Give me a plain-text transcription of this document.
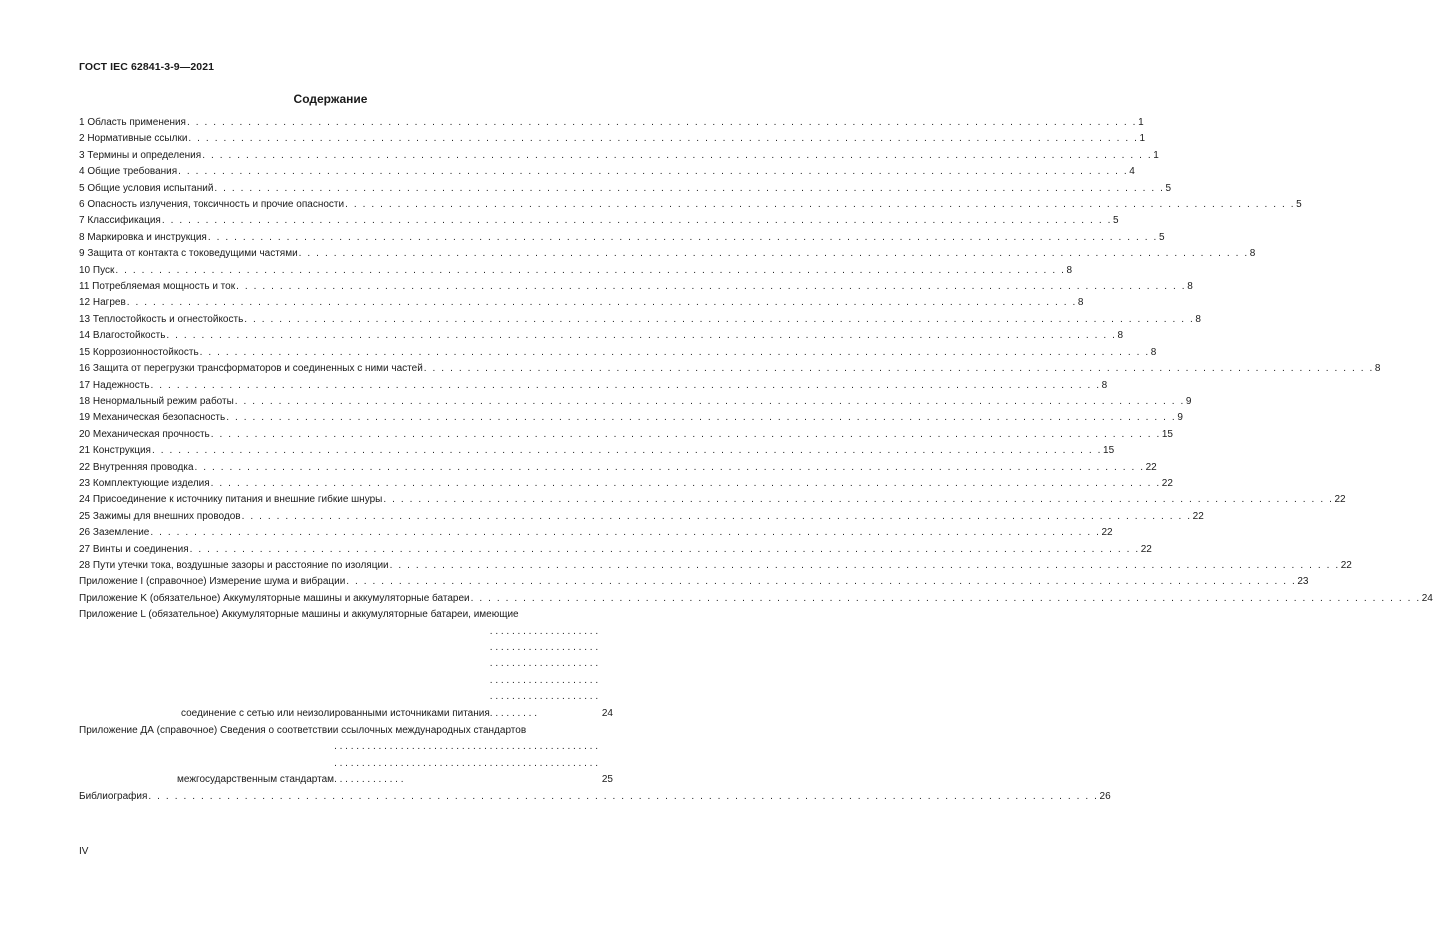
ГОСТ IEC 62841-3-9—2021
Содержание
1 Область применения . . . . . . . . . . . . . . . . . . . . . . . . . . . . . . . . . . . . . . . . . . . . . . . . . . . . . . . . . . . . . . . . . . . . . . . . . . . . . . . . . . . . . . . . . . . . . . . . . . . . . . . . . . . . . 1
2 Нормативные ссылки . . . . . . . . . . . . . . . . . . . . . . . . . . . . . . . . . . . . . . . . . . . . . . . . . . . . . . . . . . . . . . . . . . . . . . . . . . . . . . . . . . . . . . . . . . . . . . . . . . . . . . . . . . . . . 1
3 Термины и определения . . . . . . . . . . . . . . . . . . . . . . . . . . . . . . . . . . . . . . . . . . . . . . . . . . . . . . . . . . . . . . . . . . . . . . . . . . . . . . . . . . . . . . . . . . . . . . . . . . . . . . . . . . . . . 1
4 Общие требования . . . . . . . . . . . . . . . . . . . . . . . . . . . . . . . . . . . . . . . . . . . . . . . . . . . . . . . . . . . . . . . . . . . . . . . . . . . . . . . . . . . . . . . . . . . . . . . . . . . . . . . . . . . . . 4
5 Общие условия испытаний . . . . . . . . . . . . . . . . . . . . . . . . . . . . . . . . . . . . . . . . . . . . . . . . . . . . . . . . . . . . . . . . . . . . . . . . . . . . . . . . . . . . . . . . . . . . . . . . . . . . . . . . . . . . . 5
6 Опасность излучения, токсичность и прочие опасности . . . . . . . . . . . . . . . . . . . . . . . . . . . . . . . . . . . . . . . . . . . . . . . . . . . . . . . . . . . . . . . . . . . . . . . . . . . . . . . . . . . . . . . . . . . . . . . . . . . . . . . . . . . . . 5
7 Классификация . . . . . . . . . . . . . . . . . . . . . . . . . . . . . . . . . . . . . . . . . . . . . . . . . . . . . . . . . . . . . . . . . . . . . . . . . . . . . . . . . . . . . . . . . . . . . . . . . . . . . . . . . . . . . 5
8 Маркировка и инструкция . . . . . . . . . . . . . . . . . . . . . . . . . . . . . . . . . . . . . . . . . . . . . . . . . . . . . . . . . . . . . . . . . . . . . . . . . . . . . . . . . . . . . . . . . . . . . . . . . . . . . . . . . . . . . 5
9 Защита от контакта с токоведущими частями . . . . . . . . . . . . . . . . . . . . . . . . . . . . . . . . . . . . . . . . . . . . . . . . . . . . . . . . . . . . . . . . . . . . . . . . . . . . . . . . . . . . . . . . . . . . . . . . . . . . . . . . . . . . . 8
10 Пуск . . . . . . . . . . . . . . . . . . . . . . . . . . . . . . . . . . . . . . . . . . . . . . . . . . . . . . . . . . . . . . . . . . . . . . . . . . . . . . . . . . . . . . . . . . . . . . . . . . . . . . . . . . . . . 8
11 Потребляемая мощность и ток . . . . . . . . . . . . . . . . . . . . . . . . . . . . . . . . . . . . . . . . . . . . . . . . . . . . . . . . . . . . . . . . . . . . . . . . . . . . . . . . . . . . . . . . . . . . . . . . . . . . . . . . . . . . . 8
12 Нагрев . . . . . . . . . . . . . . . . . . . . . . . . . . . . . . . . . . . . . . . . . . . . . . . . . . . . . . . . . . . . . . . . . . . . . . . . . . . . . . . . . . . . . . . . . . . . . . . . . . . . . . . . . . . . . 8
13 Теплостойкость и огнестойкость . . . . . . . . . . . . . . . . . . . . . . . . . . . . . . . . . . . . . . . . . . . . . . . . . . . . . . . . . . . . . . . . . . . . . . . . . . . . . . . . . . . . . . . . . . . . . . . . . . . . . . . . . . . . . 8
14 Влагостойкость . . . . . . . . . . . . . . . . . . . . . . . . . . . . . . . . . . . . . . . . . . . . . . . . . . . . . . . . . . . . . . . . . . . . . . . . . . . . . . . . . . . . . . . . . . . . . . . . . . . . . . . . . . . . . 8
15 Коррозионностойкость . . . . . . . . . . . . . . . . . . . . . . . . . . . . . . . . . . . . . . . . . . . . . . . . . . . . . . . . . . . . . . . . . . . . . . . . . . . . . . . . . . . . . . . . . . . . . . . . . . . . . . . . . . . . . 8
16 Защита от перегрузки трансформаторов и соединенных с ними частей . . . . . . . . . . . . . . . . . . . . . . . . . . . . . . . . . . . . . . . . . . . . . . . . . . . . . . . . . . . . . . . . . . . . . . . . . . . . . . . . . . . . . . . . . . . . . . . . . . . . . . . . . . . . . 8
17 Надежность . . . . . . . . . . . . . . . . . . . . . . . . . . . . . . . . . . . . . . . . . . . . . . . . . . . . . . . . . . . . . . . . . . . . . . . . . . . . . . . . . . . . . . . . . . . . . . . . . . . . . . . . . . . . . 8
18 Ненормальный режим работы . . . . . . . . . . . . . . . . . . . . . . . . . . . . . . . . . . . . . . . . . . . . . . . . . . . . . . . . . . . . . . . . . . . . . . . . . . . . . . . . . . . . . . . . . . . . . . . . . . . . . . . . . . . . . 9
19 Механическая безопасность . . . . . . . . . . . . . . . . . . . . . . . . . . . . . . . . . . . . . . . . . . . . . . . . . . . . . . . . . . . . . . . . . . . . . . . . . . . . . . . . . . . . . . . . . . . . . . . . . . . . . . . . . . . . . 9
20 Механическая прочность . . . . . . . . . . . . . . . . . . . . . . . . . . . . . . . . . . . . . . . . . . . . . . . . . . . . . . . . . . . . . . . . . . . . . . . . . . . . . . . . . . . . . . . . . . . . . . . . . . . . . . . . . . . . . 15
21 Конструкция . . . . . . . . . . . . . . . . . . . . . . . . . . . . . . . . . . . . . . . . . . . . . . . . . . . . . . . . . . . . . . . . . . . . . . . . . . . . . . . . . . . . . . . . . . . . . . . . . . . . . . . . . . . . . 15
22 Внутренняя проводка . . . . . . . . . . . . . . . . . . . . . . . . . . . . . . . . . . . . . . . . . . . . . . . . . . . . . . . . . . . . . . . . . . . . . . . . . . . . . . . . . . . . . . . . . . . . . . . . . . . . . . . . . . . . . 22
23 Комплектующие изделия . . . . . . . . . . . . . . . . . . . . . . . . . . . . . . . . . . . . . . . . . . . . . . . . . . . . . . . . . . . . . . . . . . . . . . . . . . . . . . . . . . . . . . . . . . . . . . . . . . . . . . . . . . . . . 22
24 Присоединение к источнику питания и внешние гибкие шнуры . . . . . . . . . . . . . . . . . . . . . . . . . . . . . . . . . . . . . . . . . . . . . . . . . . . . . . . . . . . . . . . . . . . . . . . . . . . . . . . . . . . . . . . . . . . . . . . . . . . . . . . . . . . . . 22
25 Зажимы для внешних проводов . . . . . . . . . . . . . . . . . . . . . . . . . . . . . . . . . . . . . . . . . . . . . . . . . . . . . . . . . . . . . . . . . . . . . . . . . . . . . . . . . . . . . . . . . . . . . . . . . . . . . . . . . . . . . 22
26 Заземление . . . . . . . . . . . . . . . . . . . . . . . . . . . . . . . . . . . . . . . . . . . . . . . . . . . . . . . . . . . . . . . . . . . . . . . . . . . . . . . . . . . . . . . . . . . . . . . . . . . . . . . . . . . . . 22
27 Винты и соединения . . . . . . . . . . . . . . . . . . . . . . . . . . . . . . . . . . . . . . . . . . . . . . . . . . . . . . . . . . . . . . . . . . . . . . . . . . . . . . . . . . . . . . . . . . . . . . . . . . . . . . . . . . . . . 22
28 Пути утечки тока, воздушные зазоры и расстояние по изоляции . . . . . . . . . . . . . . . . . . . . . . . . . . . . . . . . . . . . . . . . . . . . . . . . . . . . . . . . . . . . . . . . . . . . . . . . . . . . . . . . . . . . . . . . . . . . . . . . . . . . . . . . . . . . . 22
Приложение I (справочное) Измерение шума и вибрации . . . . . . . . . . . . . . . . . . . . . . . . . . . . . . . . . . . . . . . . . . . . . . . . . . . . . . . . . . . . . . . . . . . . . . . . . . . . . . . . . . . . . . . . . . . . . . . . . . . . . . . . . . . . . 23
Приложение K (обязательное) Аккумуляторные машины и аккумуляторные батареи . . . . . . . . . . . . . . . . . . . . . . . . . . . . . . . . . . . . . . . . . . . . . . . . . . . . . . . . . . . . . . . . . . . . . . . . . . . . . . . . . . . . . . . . . . . . . . . . . . . . . . . . . . . . . 24
Приложение L (обязательное) Аккумуляторные машины и аккумуляторные батареи, имеющие
соединение с сетью или неизолированными источниками питания
. . . . . . . . . . . . . . . . . . . . . . . . . . . . . . . . . . . . . . . . . . . . . . . . . . . . . . . . . . . . . . . . . . . . . . . . . . . . . . . . . . . . . . . . . . . . . . . . . . . . . . . . . . . . .	24
Приложение ДА (справочное) Сведения о соответствии ссылочных международных стандартов
межгосударственным стандартам
. . . . . . . . . . . . . . . . . . . . . . . . . . . . . . . . . . . . . . . . . . . . . . . . . . . . . . . . . . . . . . . . . . . . . . . . . . . . . . . . . . . . . . . . . . . . . . . . . . . . . . . . . . . . .	25
Библиография . . . . . . . . . . . . . . . . . . . . . . . . . . . . . . . . . . . . . . . . . . . . . . . . . . . . . . . . . . . . . . . . . . . . . . . . . . . . . . . . . . . . . . . . . . . . . . . . . . . . . . . . . . . . . 26
IV
